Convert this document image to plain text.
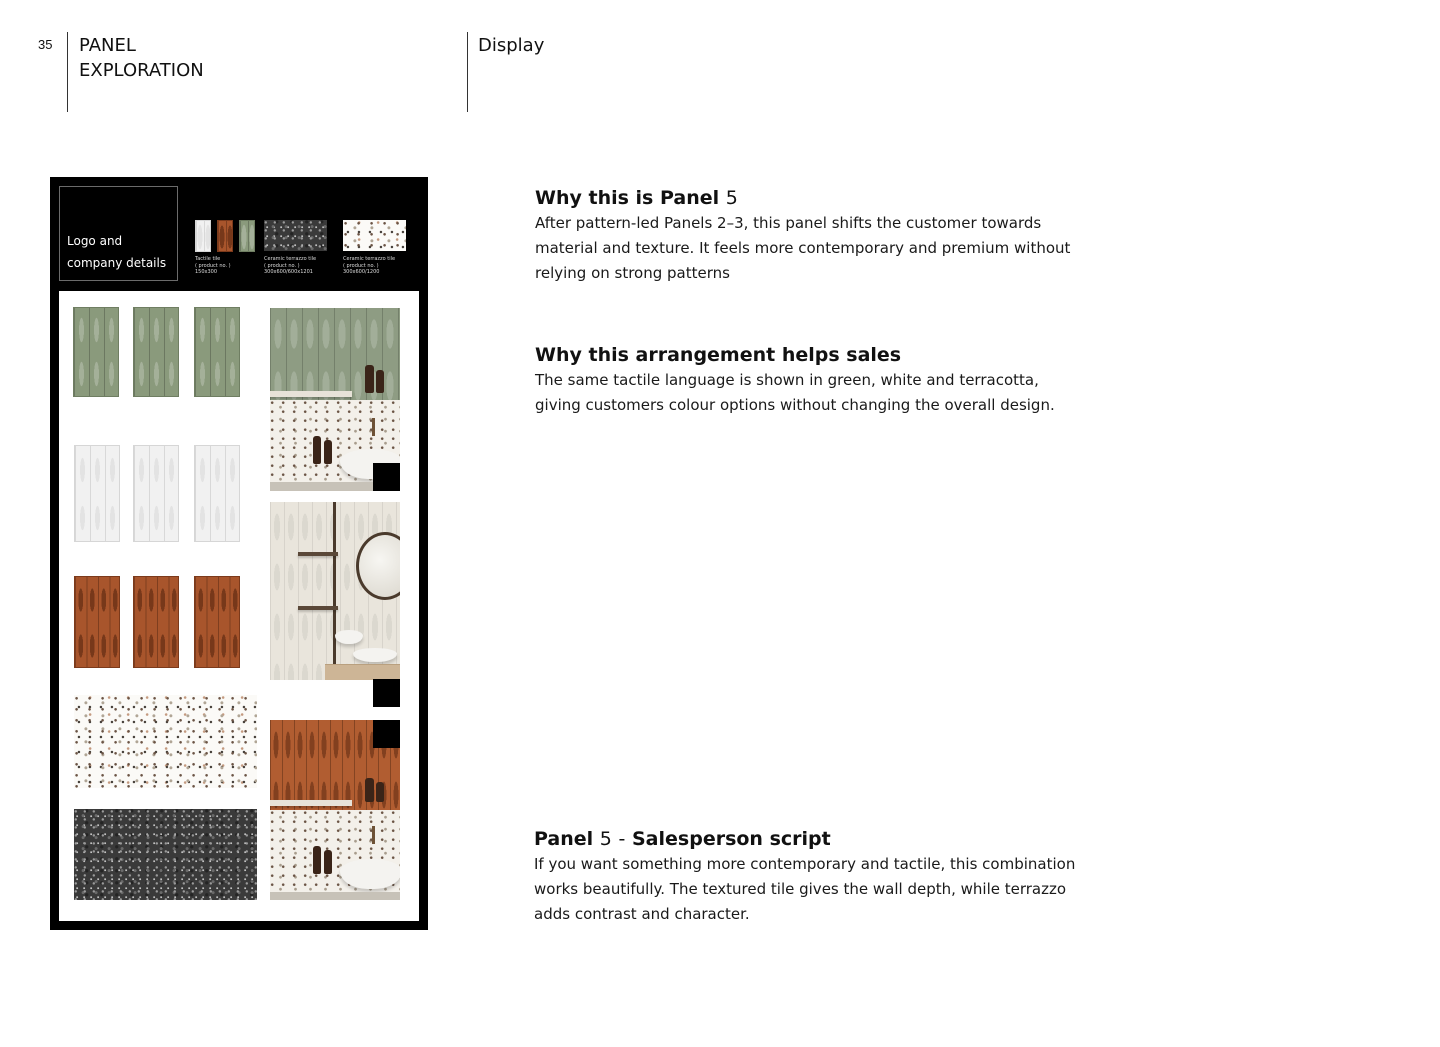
35 PANEL
EXPLORATION
Display
Logo and
company details	Tactile tile
( product no. )
150x300
Ceramic terrazzo tile
( product no. )
300x600/600x1201
Ceramic terrazzo tile
( product no. )
300x600/1200
Why this is Panel 5

After pattern-led Panels 2–3, this panel shifts the customer towards
material and texture. It feels more contemporary and premium without
relying on strong patterns

Why this arrangement helps sales

The same tactile language is shown in green, white and terracotta,
giving customers colour options without changing the overall design.

Panel 5 - Salesperson script

If you want something more contemporary and tactile, this combination
works beautifully. The textured tile gives the wall depth, while terrazzo
adds contrast and character.
